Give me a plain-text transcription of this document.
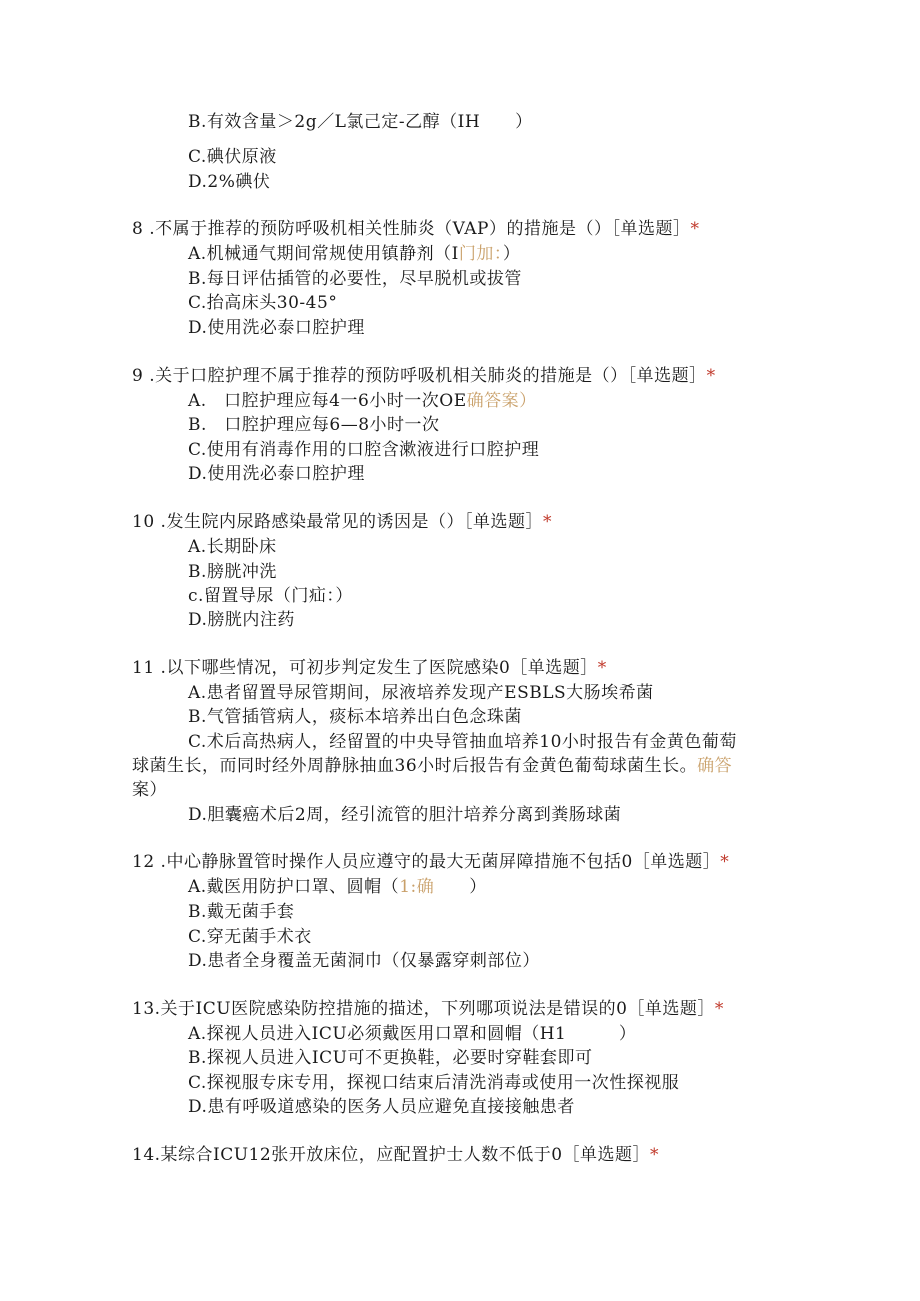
B.有效含量＞2g／L氯己定-乙醇（IH　　）
C.碘伏原液
D.2%碘伏
8 .不属于推荐的预防呼吸机相关性肺炎（VAP）的措施是（）［单选题］*
A.机械通气期间常规使用镇静剂（I门加：）
B.每日评估插管的必要性，尽早脱机或拔管
C.抬高床头30-45°
D.使用洗必泰口腔护理
9 .关于口腔护理不属于推荐的预防呼吸机相关肺炎的措施是（）［单选题］*
A.　口腔护理应每4一6小时一次OE确答案）
B.　口腔护理应每6—8小时一次
C.使用有消毒作用的口腔含漱液进行口腔护理
D.使用洗必泰口腔护理
10 .发生院内尿路感染最常见的诱因是（）［单选题］*
A.长期卧床
B.膀胱冲洗
c.留置导尿（门疝：）
D.膀胱内注药
11 .以下哪些情况，可初步判定发生了医院感染0［单选题］*
A.患者留置导尿管期间，尿液培养发现产ESBLS大肠埃希菌
B.气管插管病人，痰标本培养出白色念珠菌
C.术后高热病人，经留置的中央导管抽血培养10小时报告有金黄色葡萄
球菌生长，而同时经外周静脉抽血36小时后报告有金黄色葡萄球菌生长。确答
案）
D.胆囊癌术后2周，经引流管的胆汁培养分离到粪肠球菌
12 .中心静脉置管时操作人员应遵守的最大无菌屏障措施不包括0［单选题］*
A.戴医用防护口罩、圆帽（1:确　　）
B.戴无菌手套
C.穿无菌手术衣
D.患者全身覆盖无菌洞巾（仅暴露穿刺部位）
13.关于ICU医院感染防控措施的描述，下列哪项说法是错误的0［单选题］*
A.探视人员进入ICU必须戴医用口罩和圆帽（H1　　　）
B.探视人员进入ICU可不更换鞋，必要时穿鞋套即可
C.探视服专床专用，探视口结束后清洗消毒或使用一次性探视服
D.患有呼吸道感染的医务人员应避免直接接触患者
14.某综合ICU12张开放床位，应配置护士人数不低于0［单选题］*
